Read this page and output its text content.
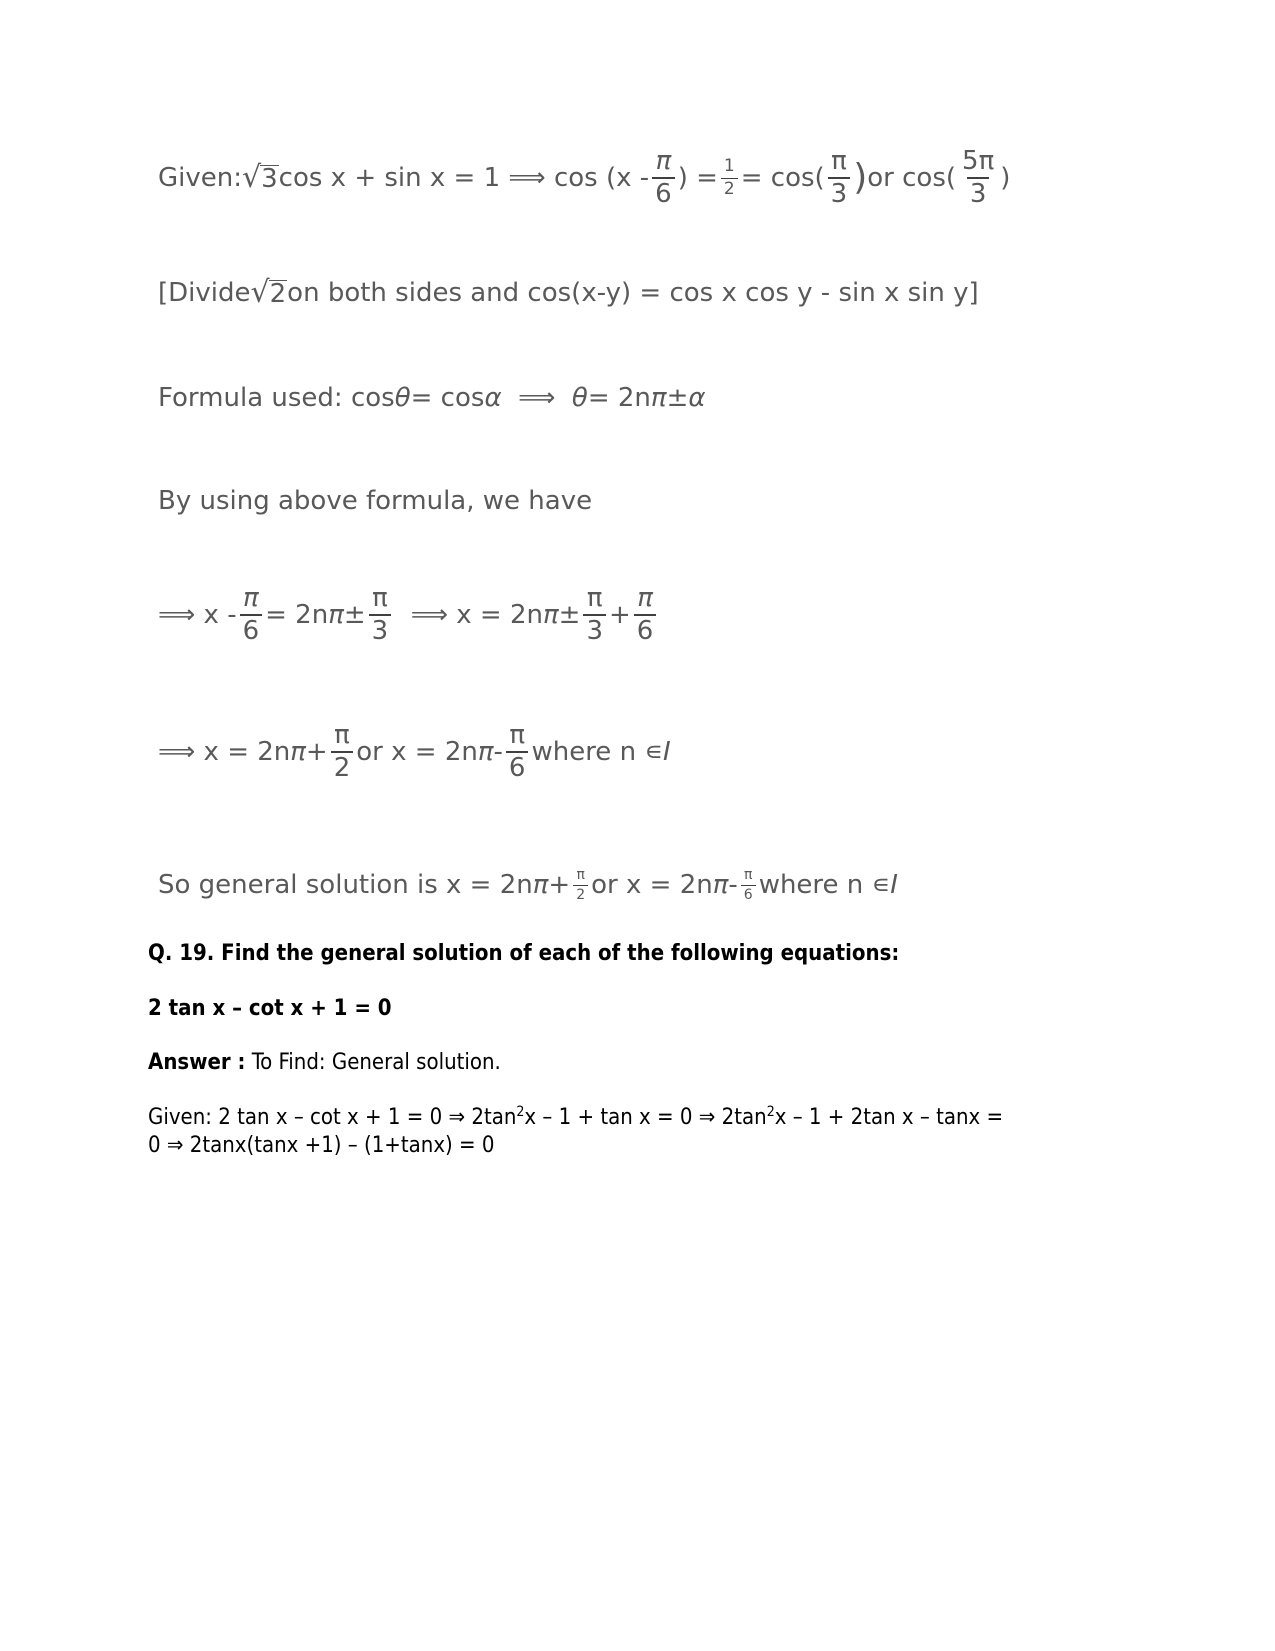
Given: √ 3 cos x + sin x = 1 ⟹ $\cos (x - \frac{\pi}{6}$ ) = $\frac{1}{2} = \cos( \frac{\pi}{3}$ ) or $\cos( \frac{5\pi}{3}$ )
[Divide √ 2 on both sides and cos(x-y) = cos x cos y - sin x sin y]
Formula used: cos θ = cos α ⟹ θ = 2n π ± α
By using above formula, we have
⟹ $x - \frac{\pi}{6} = 2n$ $\pi \pm \frac{\pi}{3}$ ⟹ x = 2n $\pi \pm \frac{\pi}{3} + \frac{\pi}{6}$
⟹ x = 2n $\pi + \frac{\pi}{2}$ or x = 2n π - $\frac{\pi}{6}$ where n ∊ I
So general solution is x = 2n $\pi + \frac{\pi}{2}$ or x = 2n π - $\frac{\pi}{6}$ where n ∊ I
Q. 19. Find the general solution of each of the following equations:
2 tan x – cot x + 1 = 0
Answer : To Find: General solution.
Given: 2 tan x – cot x + 1 = 0 ⇒ $2\tan^2x - 1 + \tan x = 0$ ⇒ $2\tan^2x - 1 + 2\tan$ x – tanx =
0 ⇒ 2tanx(tanx +1) – (1+tanx) = 0
